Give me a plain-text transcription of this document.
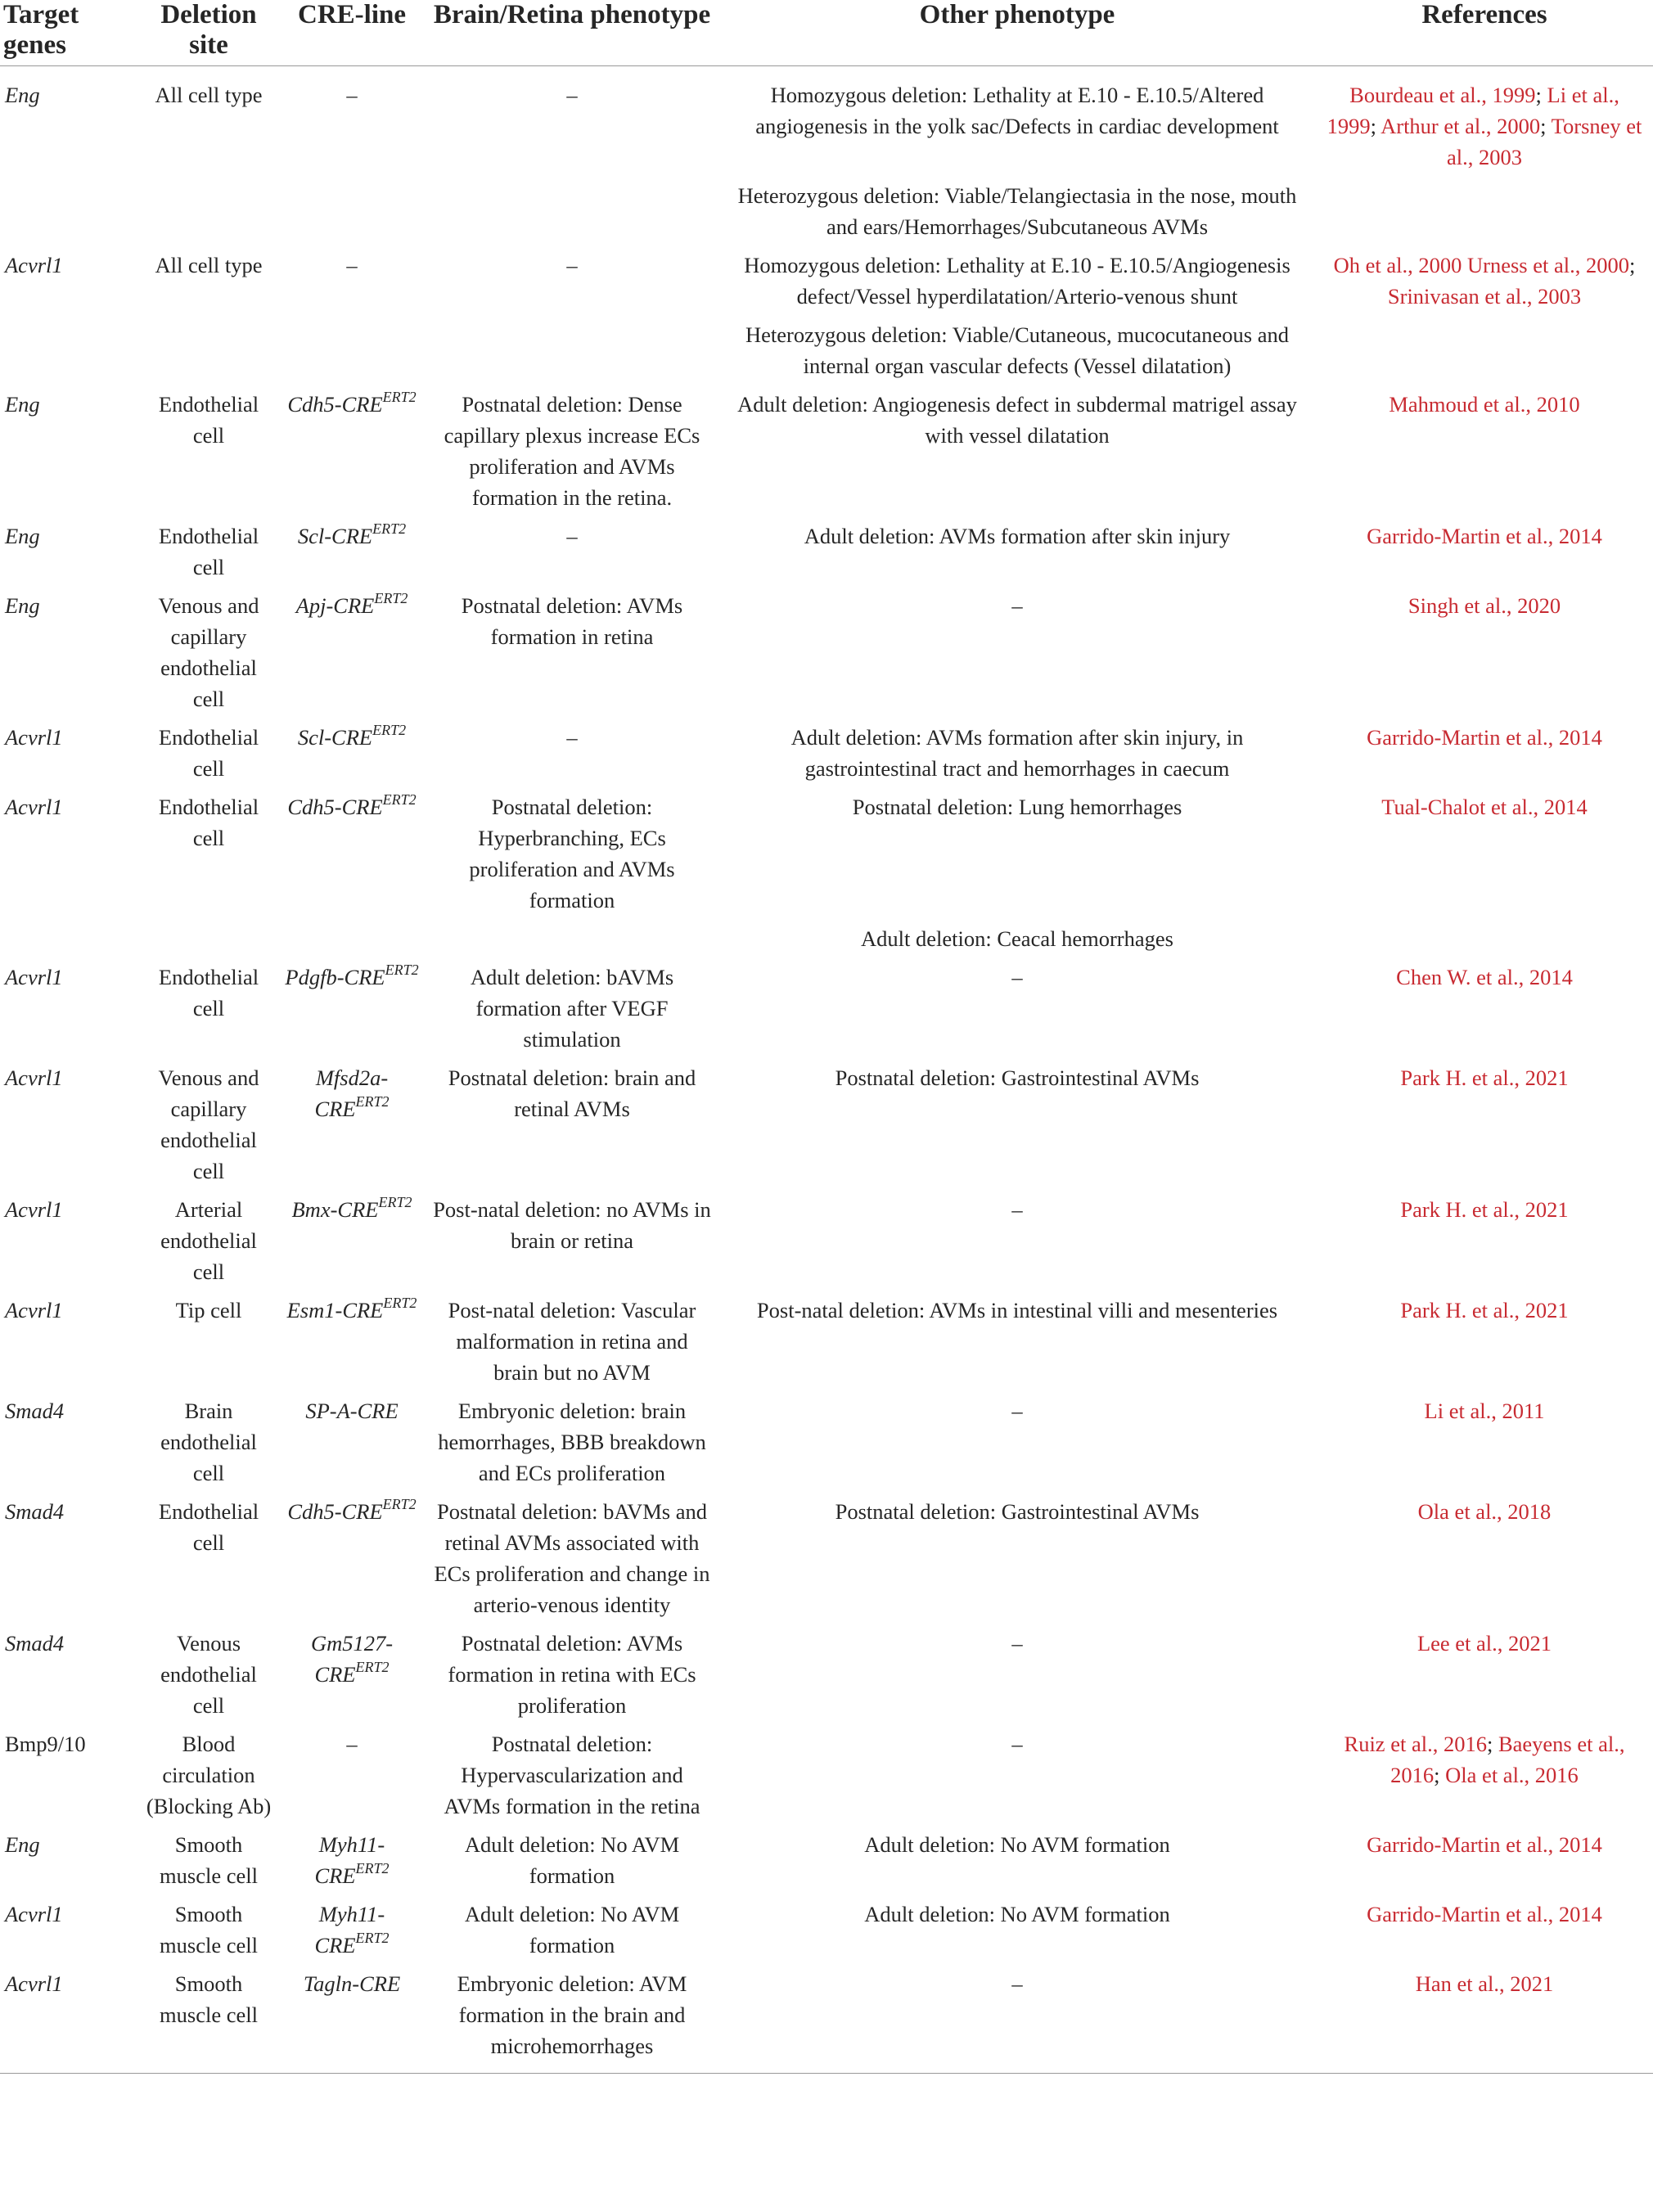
Target genes	Deletion site	CRE-line	Brain/Retina phenotype	Other phenotype	References
Eng	All cell type	–	–	Homozygous deletion: Lethality at E.10 - E.10.5/Altered angiogenesis in the yolk sac/Defects in cardiac development	Bourdeau et al., 1999; Li et al., 1999; Arthur et al., 2000; Torsney et al., 2003
				Heterozygous deletion: Viable/Telangiectasia in the nose, mouth and ears/Hemorrhages/Subcutaneous AVMs	
Acvrl1	All cell type	–	–	Homozygous deletion: Lethality at E.10 - E.10.5/Angiogenesis defect/Vessel hyperdilatation/Arterio-venous shunt	Oh et al., 2000 Urness et al., 2000; Srinivasan et al., 2003
				Heterozygous deletion: Viable/Cutaneous, mucocutaneous and internal organ vascular defects (Vessel dilatation)	
Eng	Endothelial cell	$Cdh5-CRE^{ERT2}$	Postnatal deletion: Dense capillary plexus increase ECs proliferation and AVMs formation in the retina.	Adult deletion: Angiogenesis defect in subdermal matrigel assay with vessel dilatation	Mahmoud et al., 2010
Eng	Endothelial cell	Scl-$CRE^{ERT2}$	–	Adult deletion: AVMs formation after skin injury	Garrido-Martin et al., 2014
Eng	Venous and capillary endothelial cell	Apj-$CRE^{ERT2}$	Postnatal deletion: AVMs formation in retina	–	Singh et al., 2020
Acvrl1	Endothelial cell	Scl-$CRE^{ERT2}$	–	Adult deletion: AVMs formation after skin injury, in gastrointestinal tract and hemorrhages in caecum	Garrido-Martin et al., 2014
Acvrl1	Endothelial cell	$Cdh5-CRE^{ERT2}$	Postnatal deletion: Hyperbranching, ECs proliferation and AVMs formation	Postnatal deletion: Lung hemorrhages	Tual-Chalot et al., 2014
				Adult deletion: Ceacal hemorrhages	
Acvrl1	Endothelial cell	Pdgfb-$CRE^{ERT2}$	Adult deletion: bAVMs formation after VEGF stimulation	–	Chen W. et al., 2014
Acvrl1	Venous and capillary endothelial cell	$Mfsd2a-CRE^{ERT2}$	Postnatal deletion: brain and retinal AVMs	Postnatal deletion: Gastrointestinal AVMs	Park H. et al., 2021
Acvrl1	Arterial endothelial cell	Bmx-$CRE^{ERT2}$	Post-natal deletion: no AVMs in brain or retina	–	Park H. et al., 2021
Acvrl1	Tip cell	$Esm1-CRE^{ERT2}$	Post-natal deletion: Vascular malformation in retina and brain but no AVM	Post-natal deletion: AVMs in intestinal villi and mesenteries	Park H. et al., 2021
Smad4	Brain endothelial cell	SP-A-CRE	Embryonic deletion: brain hemorrhages, BBB breakdown and ECs proliferation	–	Li et al., 2011
Smad4	Endothelial cell	$Cdh5-CRE^{ERT2}$	Postnatal deletion: bAVMs and retinal AVMs associated with ECs proliferation and change in arterio-venous identity	Postnatal deletion: Gastrointestinal AVMs	Ola et al., 2018
Smad4	Venous endothelial cell	$Gm5127-CRE^{ERT2}$	Postnatal deletion: AVMs formation in retina with ECs proliferation	–	Lee et al., 2021
Bmp9/10	Blood circulation (Blocking Ab)	–	Postnatal deletion: Hypervascularization and AVMs formation in the retina	–	Ruiz et al., 2016; Baeyens et al., 2016; Ola et al., 2016
Eng	Smooth muscle cell	$Myh11-CRE^{ERT2}$	Adult deletion: No AVM formation	Adult deletion: No AVM formation	Garrido-Martin et al., 2014
Acvrl1	Smooth muscle cell	$Myh11-CRE^{ERT2}$	Adult deletion: No AVM formation	Adult deletion: No AVM formation	Garrido-Martin et al., 2014
Acvrl1	Smooth muscle cell	Tagln-CRE	Embryonic deletion: AVM formation in the brain and microhemorrhages	–	Han et al., 2021
